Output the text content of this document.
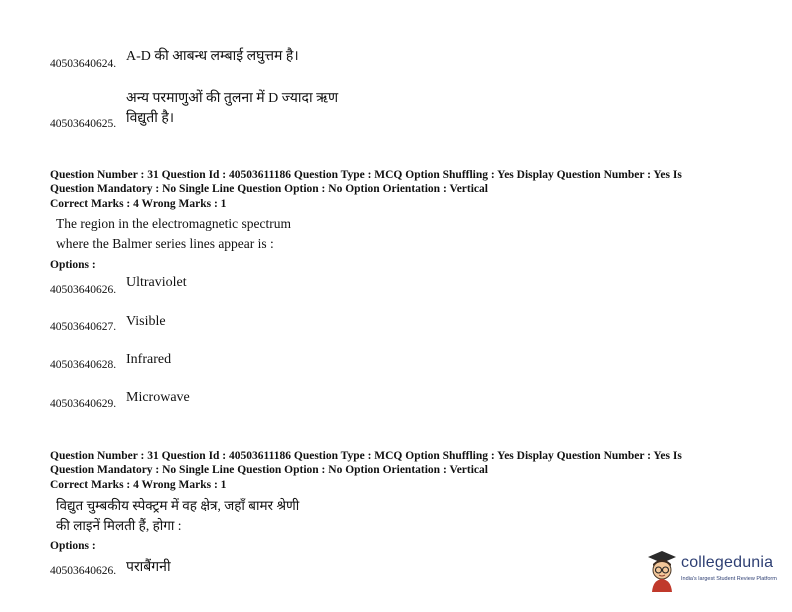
40503640624. A-D की आबन्ध लम्बाई लघुत्तम है।
अन्य परमाणुओं की तुलना में D ज्यादा ऋण
40503640625. विद्युती है।
Question Number : 31 Question Id : 40503611186 Question Type : MCQ Option Shuffling : Yes Display Question Number : Yes Is
Question Mandatory : No Single Line Question Option : No Option Orientation : Vertical
Correct Marks : 4 Wrong Marks : 1
The region in the electromagnetic spectrum
where the Balmer series lines appear is :
Options :
40503640626. Ultraviolet
40503640627. Visible
40503640628. Infrared
40503640629. Microwave
Question Number : 31 Question Id : 40503611186 Question Type : MCQ Option Shuffling : Yes Display Question Number : Yes Is
Question Mandatory : No Single Line Question Option : No Option Orientation : Vertical
Correct Marks : 4 Wrong Marks : 1
विद्युत चुम्बकीय स्पेक्ट्रम में वह क्षेत्र, जहाँ बामर श्रेणी
की लाइनें मिलती हैं, होगा :
Options :
40503640626. पराबैंगनी	collegedunia
India's largest Student Review Platform
